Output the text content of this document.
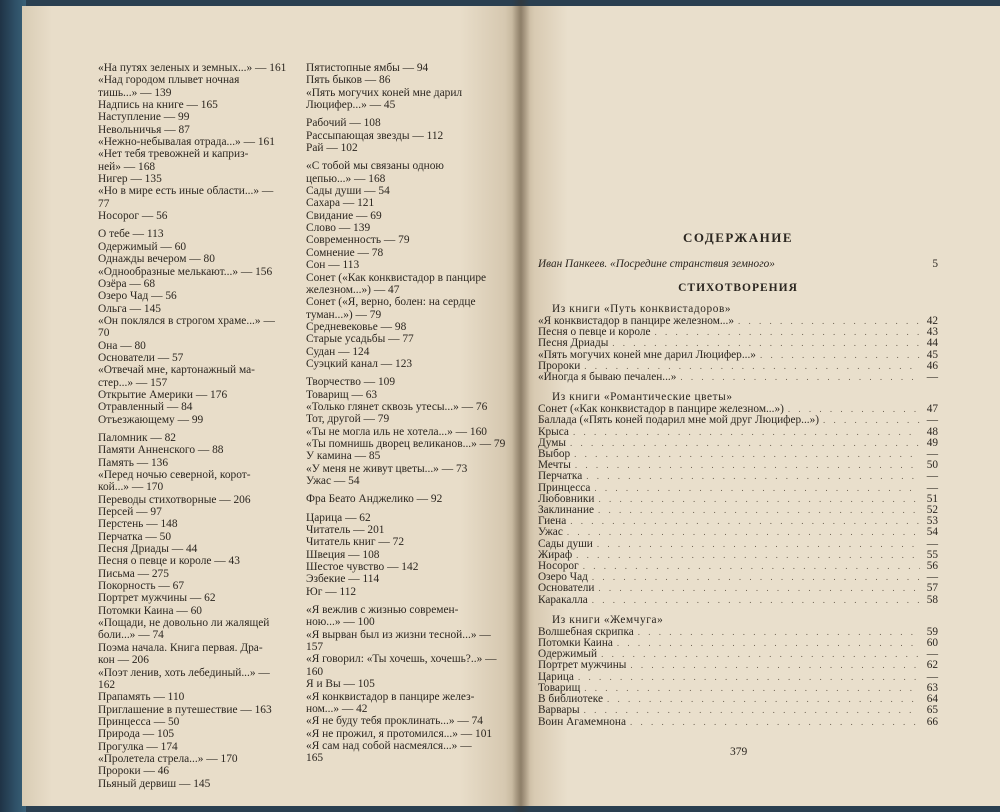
«На путях зеленых и земных...» — 161
«Над городом плывет ночная
тишь...» — 139
Надпись на книге — 165
Наступление — 99
Невольничья — 87
«Нежно-небывалая отрада...» — 161
«Нет тебя тревожней и каприз-
ней» — 168
Нигер — 135
«Но в мире есть иные области...» —
77
Носорог — 56
О тебе — 113
Одержимый — 60
Однажды вечером — 80
«Однообразные мелькают...» — 156
Озёра — 68
Озеро Чад — 56
Ольга — 145
«Он поклялся в строгом храме...» —
70
Она — 80
Основатели — 57
«Отвечай мне, картонажный ма-
стер...» — 157
Открытие Америки — 176
Отравленный — 84
Отъезжающему — 99
Паломник — 82
Памяти Анненского — 88
Память — 136
«Перед ночью северной, корот-
кой...» — 170
Переводы стихотворные — 206
Персей — 97
Перстень — 148
Перчатка — 50
Песня Дриады — 44
Песня о певце и короле — 43
Письма — 275
Покорность — 67
Портрет мужчины — 62
Потомки Каина — 60
«Пощади, не довольно ли жалящей
боли...» — 74
Поэма начала. Книга первая. Дра-
кон — 206
«Поэт ленив, хоть лебединый...» —
162
Прапамять — 110
Приглашение в путешествие — 163
Принцесса — 50
Природа — 105
Прогулка — 174
«Пролетела стрела...» — 170
Пророки — 46
Пьяный дервиш — 145
Пятистопные ямбы — 94
Пять быков — 86
«Пять могучих коней мне дарил
Люцифер...» — 45
Рабочий — 108
Рассыпающая звезды — 112
Рай — 102
«С тобой мы связаны одною
цепью...» — 168
Сады души — 54
Сахара — 121
Свидание — 69
Слово — 139
Современность — 79
Сомнение — 78
Сон — 113
Сонет («Как конквистадор в панцире
железном...») — 47
Сонет («Я, верно, болен: на сердце
туман...») — 79
Средневековье — 98
Старые усадьбы — 77
Судан — 124
Суэцкий канал — 123
Творчество — 109
Товарищ — 63
«Только глянет сквозь утесы...» — 76
Тот, другой — 79
«Ты не могла иль не хотела...» — 160
«Ты помнишь дворец великанов...» — 79
У камина — 85
«У меня не живут цветы...» — 73
Ужас — 54
Фра Беато Анджелико — 92
Царица — 62
Читатель — 201
Читатель книг — 72
Швеция — 108
Шестое чувство — 142
Эзбекие — 114
Юг — 112
«Я вежлив с жизнью современ-
ною...» — 100
«Я вырван был из жизни тесной...» —
157
«Я говорил: «Ты хочешь, хочешь?..» —
160
Я и Вы — 105
«Я конквистадор в панцире желез-
ном...» — 42
«Я не буду тебя проклинать...» — 74
«Я не прожил, я протомился...» — 101
«Я сам над собой насмеялся...» —
165
СОДЕРЖАНИЕ
Иван Панкеев. «Посредине странствия земного»	5
СТИХОТВОРЕНИЯ
Из книги «Путь конквистадоров»
«Я конквистадор в панцире железном...» . . .	42
Песня о певце и короле . . .	43
Песня Дриады . . .	44
«Пять могучих коней мне дарил Люцифер...» . . .	45
Пророки . . .	46
«Иногда я бываю печален...» . . .	—
Из книги «Романтические цветы»
Сонет («Как конквистадор в панцире железном...») . . .	47
Баллада («Пять коней подарил мне мой друг Люцифер...») . . .	—
Крыса . . .	48
Думы . . .	49
Выбор . . .	—
Мечты . . .	50
Перчатка . . .	—
Принцесса . . .	—
Любовники . . .	51
Заклинание . . .	52
Гиена . . .	53
Ужас . . .	54
Сады души . . .	—
Жираф . . .	55
Носорог . . .	56
Озеро Чад . . .	—
Основатели . . .	57
Каракалла . . .	58
Из книги «Жемчуга»
Волшебная скрипка . . .	59
Потомки Каина . . .	60
Одержимый . . .	—
Портрет мужчины . . .	62
Царица . . .	—
Товарищ . . .	63
В библиотеке . . .	64
Варвары . . .	65
Воин Агамемнона . . .	66
379
